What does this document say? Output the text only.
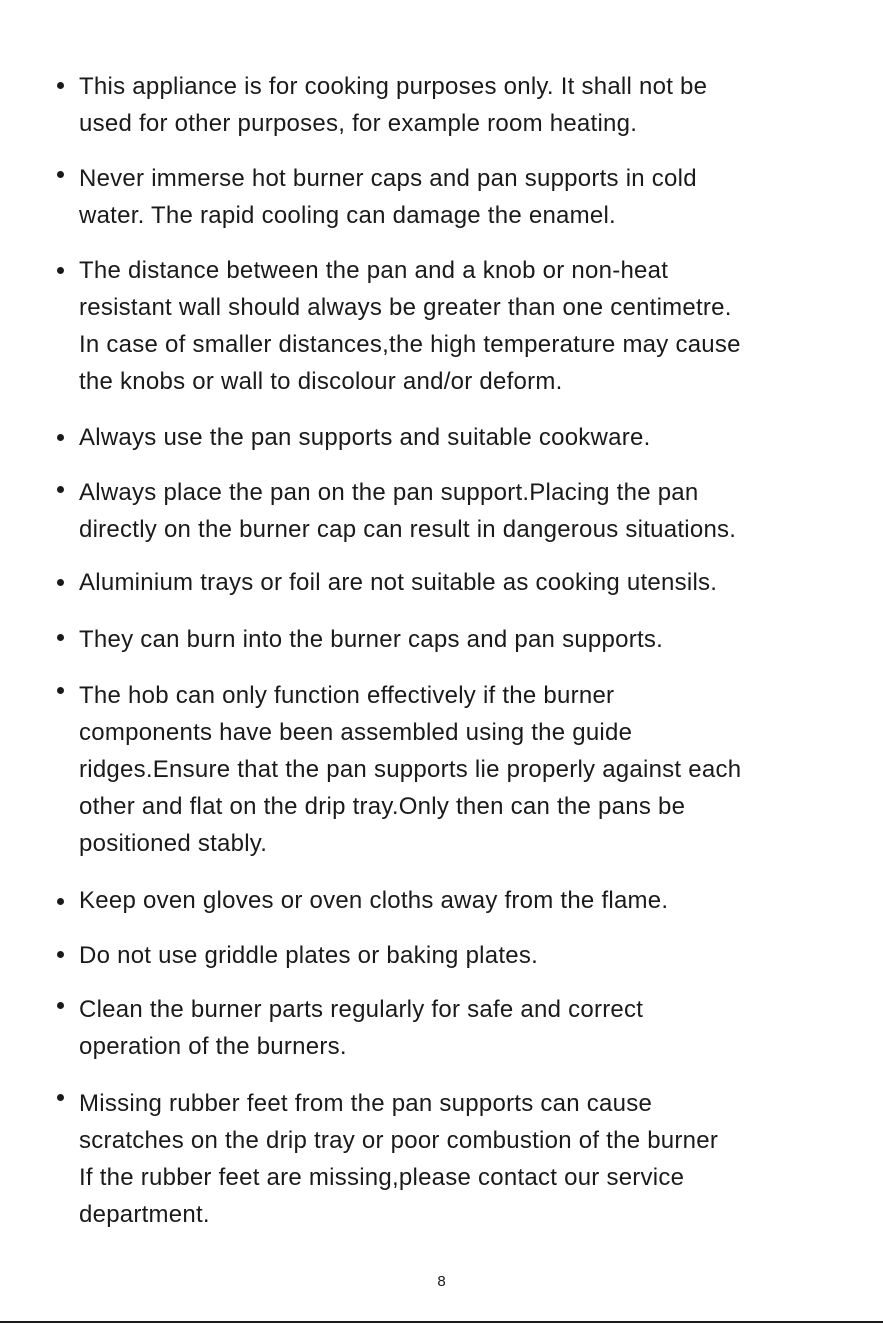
This appliance is for cooking purposes only. It shall not be
used for other purposes, for example room heating.
Never immerse hot burner caps and pan supports in cold
water. The rapid cooling can damage the enamel.
The distance between the pan and a knob or non-heat
resistant wall should always be greater than one centimetre.
In case of smaller distances,the high temperature may cause
the knobs or wall to discolour and/or deform.
Always use the pan supports and suitable cookware.
Always place the pan on the pan support.Placing the pan
directly on the burner cap can result in dangerous situations.
Aluminium trays or foil are not suitable as cooking utensils.
They can burn into the burner caps and pan supports.
The hob can only function effectively if the burner
components have been assembled using the guide
ridges.Ensure that the pan supports lie properly against each
other and flat on the drip tray.Only then can the pans be
positioned stably.
Keep oven gloves or oven cloths away from the flame.
Do not use griddle plates or baking plates.
Clean the burner parts regularly for safe and correct
operation of the burners.
Missing rubber feet from the pan supports can cause
scratches on the drip tray or poor combustion of the burner
If the rubber feet are missing,please contact our service
department.
8
